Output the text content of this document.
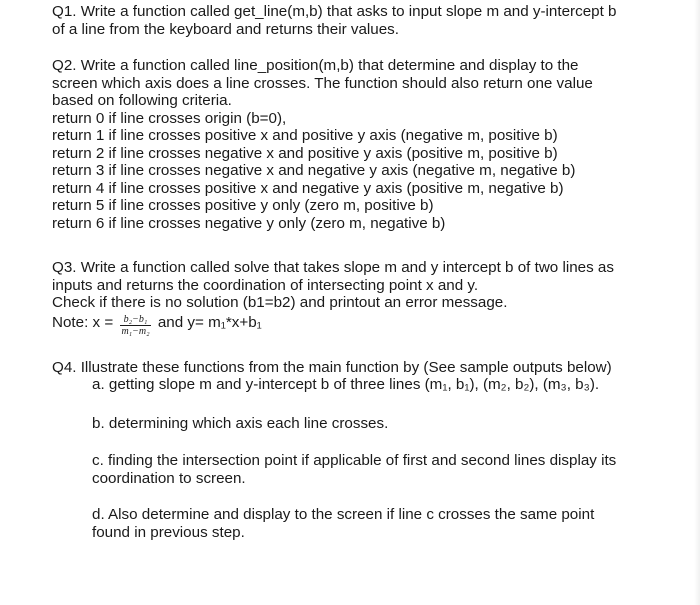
Q1. Write a function called get_line(m,b) that asks to input slope m and y-intercept b
of a line from the keyboard and returns their values.
Q2. Write a function called line_position(m,b) that determine and display to the
screen which axis does a line crosses. The function should also return one value
based on following criteria.
return 0 if line crosses origin (b=0),
return 1 if line crosses positive x and positive y axis (negative m, positive b)
return 2 if line crosses negative x and positive y axis (positive m, positive b)
return 3 if line crosses negative x and negative y axis (negative m, negative b)
return 4 if line crosses positive x and negative y axis (positive m, negative b)
return 5 if line crosses positive y only (zero m, positive b)
return 6 if line crosses negative y only (zero m, negative b)
Q3. Write a function called solve that takes slope m and y intercept b of two lines as
inputs and returns the coordination of intersecting point x and y.
Check if there is no solution (b1=b2) and printout an error message.
Note: $x = \frac{\text{b₂−b₁}}{\text{m₁−m₂}}$ and y= m₁*x+b₁
Q4. Illustrate these functions from the main function by (See sample outputs below)
a. getting slope m and y-intercept b of three lines (m₁, b₁), (m₂, b₂), (m₃, b₃).
b. determining which axis each line crosses.
c. finding the intersection point if applicable of first and second lines display its
coordination to screen.
d. Also determine and display to the screen if line c crosses the same point
found in previous step.
